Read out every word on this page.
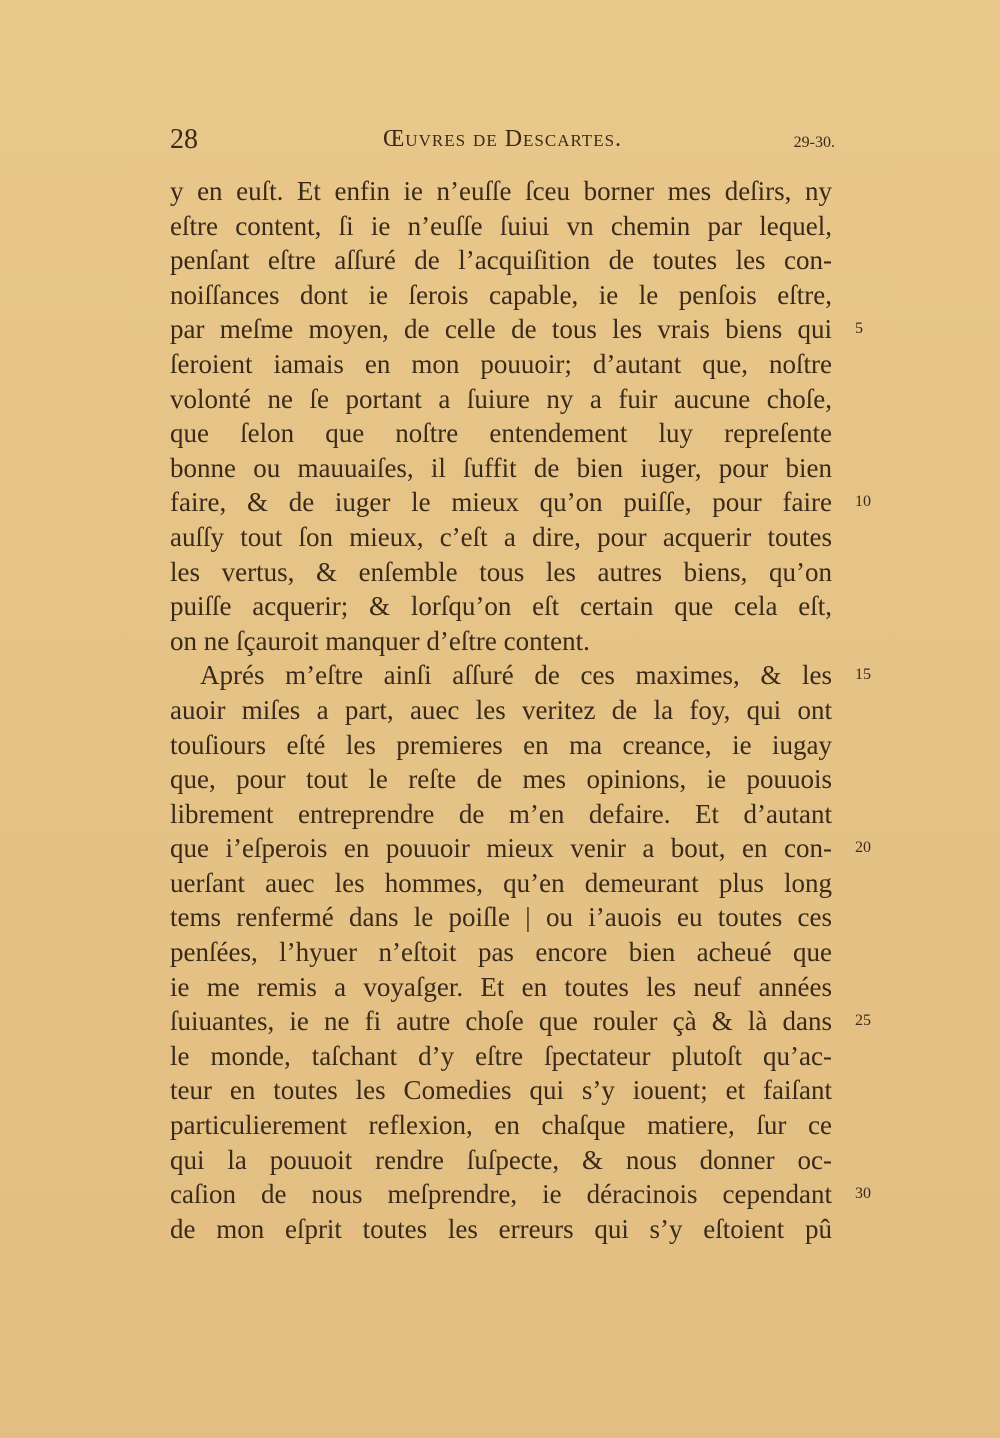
28	Œuvres de Descartes.	29-30.
y en euſt. Et enfin ie n’euſſe ſceu borner mes deſirs, ny
eſtre content, ſi ie n’euſſe ſuiui vn chemin par lequel,
penſant eſtre aſſuré de l’acquiſition de toutes les con-
noiſſances dont ie ſerois capable, ie le penſois eſtre,
par meſme moyen, de celle de tous les vrais biens qui
ſeroient iamais en mon pouuoir; d’autant que, noſtre
volonté ne ſe portant a ſuiure ny a fuir aucune choſe,
que ſelon que noſtre entendement luy repreſente
bonne ou mauuaiſes, il ſuffit de bien iuger, pour bien
faire, & de iuger le mieux qu’on puiſſe, pour faire
auſſy tout ſon mieux, c’eſt a dire, pour acquerir toutes
les vertus, & enſemble tous les autres biens, qu’on
puiſſe acquerir; & lorſqu’on eſt certain que cela eſt,
on ne ſçauroit manquer d’eſtre content.
Aprés m’eſtre ainſi aſſuré de ces maximes, & les
auoir miſes a part, auec les veritez de la foy, qui ont
touſiours eſté les premieres en ma creance, ie iugay
que, pour tout le reſte de mes opinions, ie pouuois
librement entreprendre de m’en defaire. Et d’autant
que i’eſperois en pouuoir mieux venir a bout, en con-
uerſant auec les hommes, qu’en demeurant plus long
tems renfermé dans le poiſle | ou i’auois eu toutes ces
penſées, l’hyuer n’eſtoit pas encore bien acheué que
ie me remis a voyaſger. Et en toutes les neuf années
ſuiuantes, ie ne fi autre choſe que rouler çà & là dans
le monde, taſchant d’y eſtre ſpectateur plutoſt qu’ac-
teur en toutes les Comedies qui s’y iouent; et faiſant
particulierement reflexion, en chaſque matiere, ſur ce
qui la pouuoit rendre ſuſpecte, & nous donner oc-
caſion de nous meſprendre, ie déracinois cependant
de mon eſprit toutes les erreurs qui s’y eſtoient pû
5
10
15
20
25
30
